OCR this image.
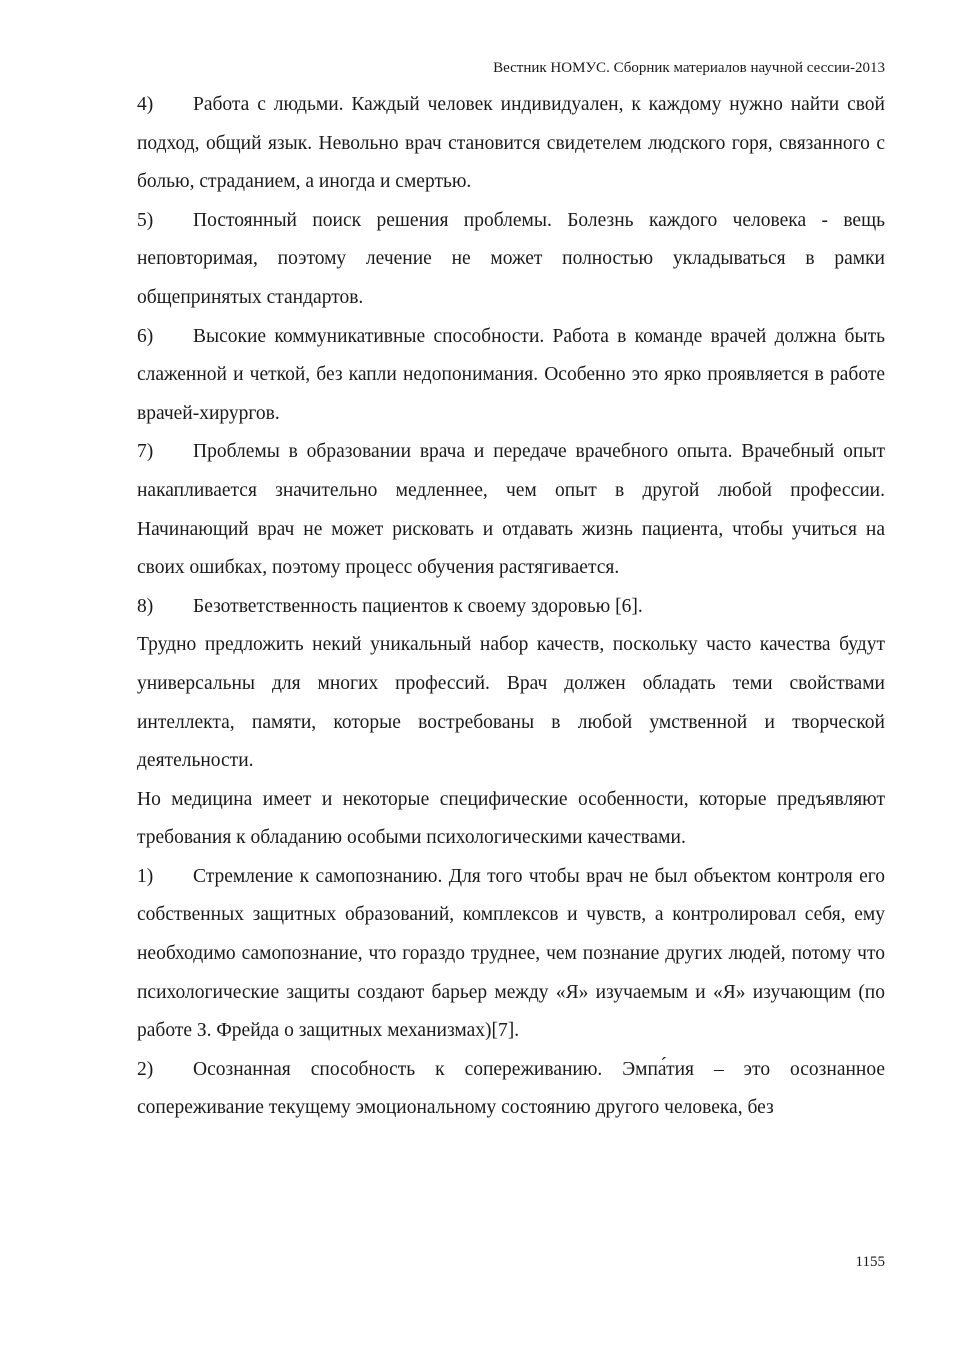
Вестник НОМУС. Сборник материалов научной сессии-2013

4) Работа с людьми. Каждый человек индивидуален, к каждому нужно найти свой подход, общий язык. Невольно врач становится свидетелем людского горя, связанного с болью, страданием, а иногда и смертью.

5) Постоянный поиск решения проблемы. Болезнь каждого человека - вещь неповторимая, поэтому лечение не может полностью укладываться в рамки общепринятых стандартов.

6) Высокие коммуникативные способности. Работа в команде врачей должна быть слаженной и четкой, без капли недопонимания. Особенно это ярко проявляется в работе врачей-хирургов.

7) Проблемы в образовании врача и передаче врачебного опыта. Врачебный опыт накапливается значительно медленнее, чем опыт в другой любой профессии. Начинающий врач не может рисковать и отдавать жизнь пациента, чтобы учиться на своих ошибках, поэтому процесс обучения растягивается.

8) Безответственность пациентов к своему здоровью [6].

Трудно предложить некий уникальный набор качеств, поскольку часто качества будут универсальны для многих профессий. Врач должен обладать теми свойствами интеллекта, памяти, которые востребованы в любой умственной и творческой деятельности.

Но медицина имеет и некоторые специфические особенности, которые предъявляют требования к обладанию особыми психологическими качествами.

1) Стремление к самопознанию. Для того чтобы врач не был объектом контроля его собственных защитных образований, комплексов и чувств, а контролировал себя, ему необходимо самопознание, что гораздо труднее, чем познание других людей, потому что психологические защиты создают барьер между «Я» изучаемым и «Я» изучающим (по работе З. Фрейда о защитных механизмах)[7].

2) Осознанная способность к сопереживанию. Эмпа́тия – это осознанное сопереживание текущему эмоциональному состоянию другого человека, без

1155
